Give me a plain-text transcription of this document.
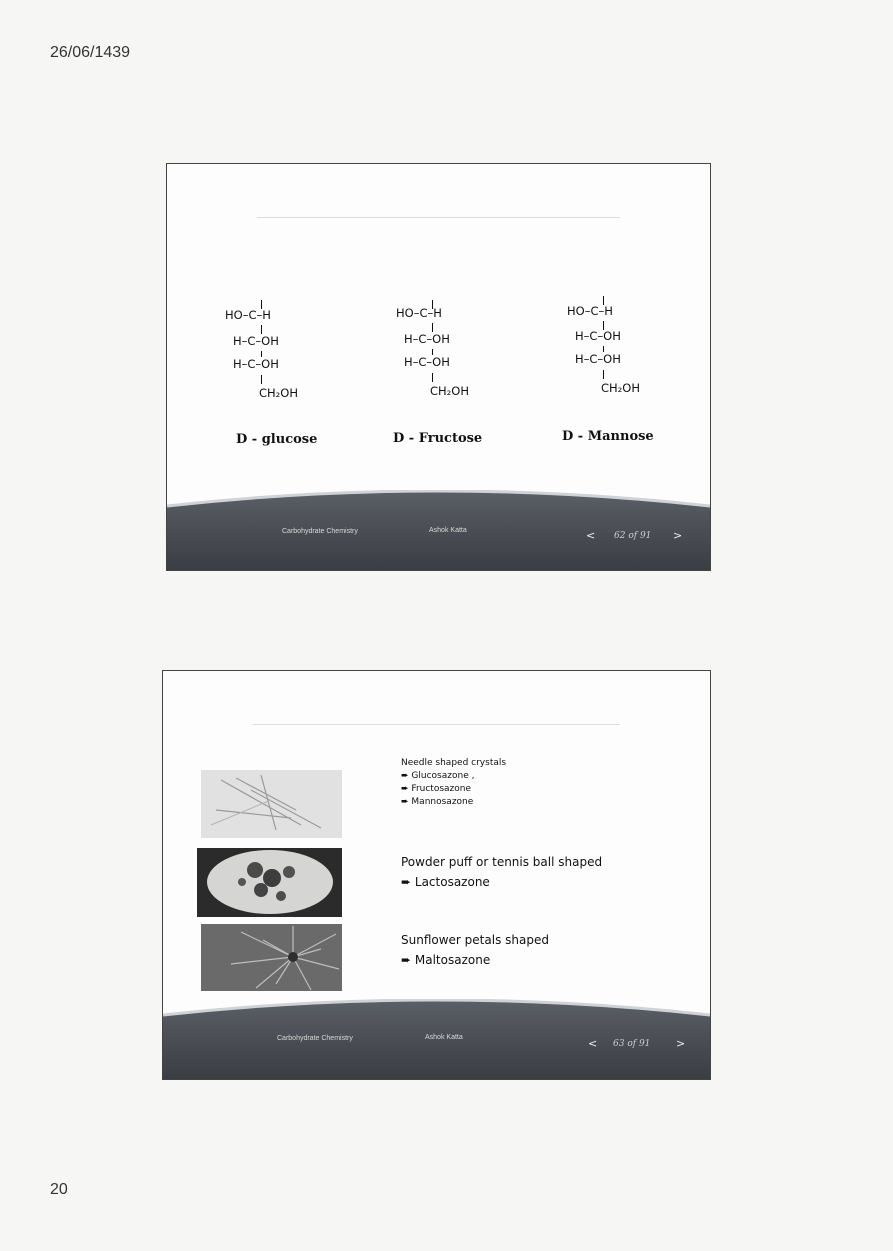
26/06/1439
HO–C–H
H–C–OH
H–C–OH
CH₂OH
D - glucose
HO–C–H
H–C–OH
H–C–OH
CH₂OH
D - Fructose
HO–C–H
H–C–OH
H–C–OH
CH₂OH
D - Mannose
Carbohydrate Chemistry	Ashok Katta	< 62 of 91 >
Needle shaped crystals
➨ Glucosazone ,
➨ Fructosazone
➨ Mannosazone
Powder puff or tennis ball shaped
➨ Lactosazone
Sunflower petals shaped
➨ Maltosazone
Carbohydrate Chemistry	Ashok Katta	< 63 of 91 >
20
